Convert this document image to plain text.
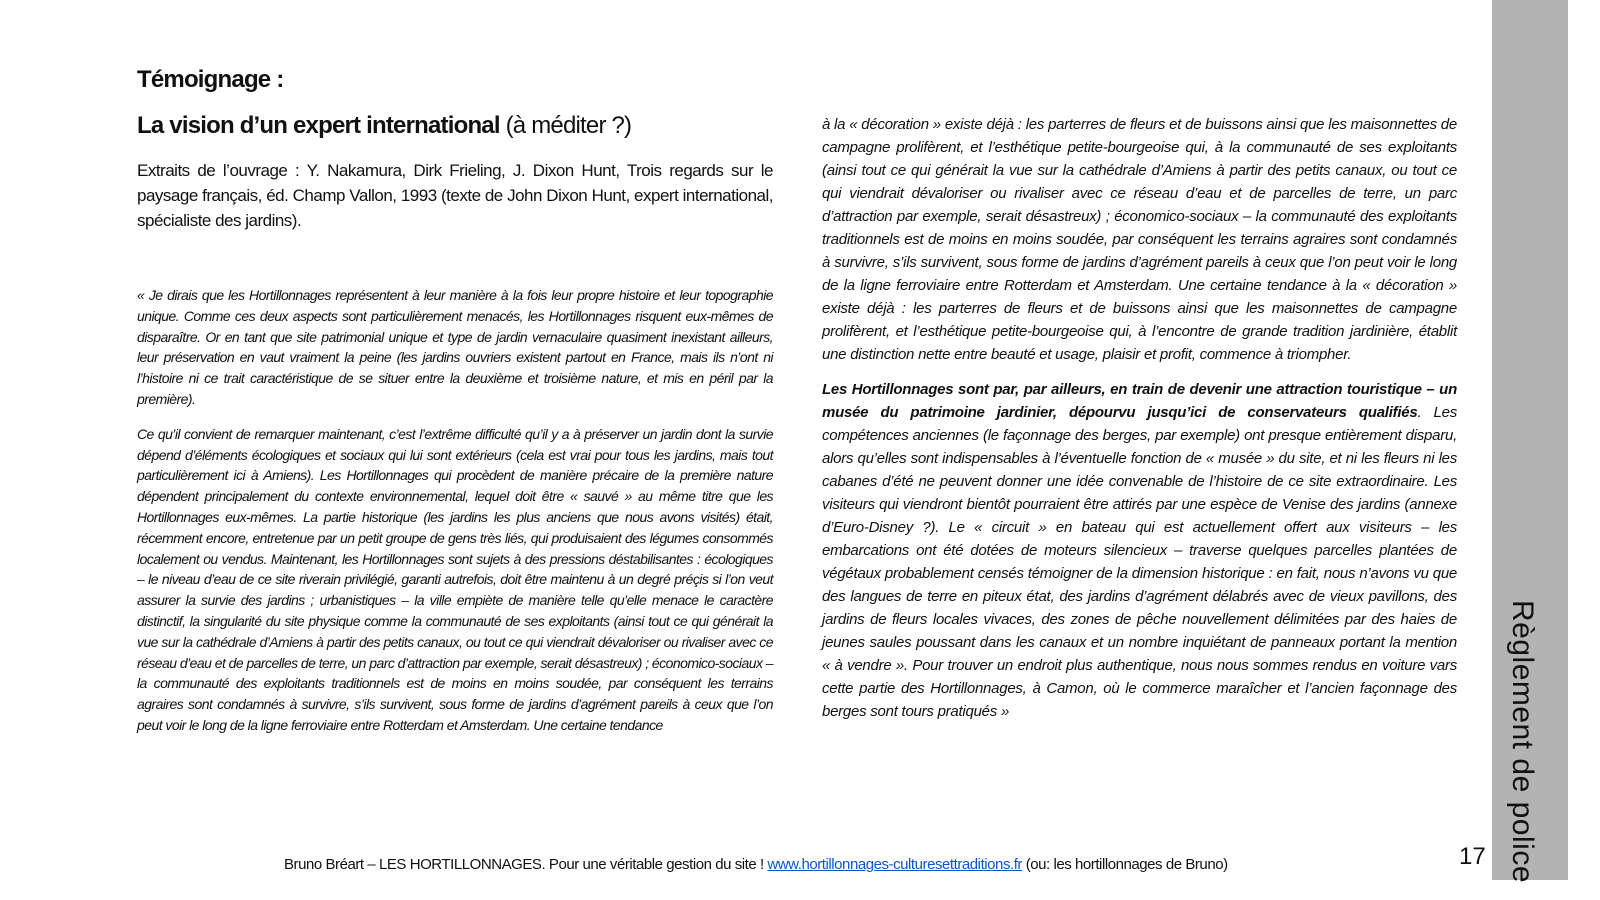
Règlement de police
17
Témoignage :
La vision d’un expert international (à méditer ?)
Extraits de l’ouvrage : Y. Nakamura, Dirk Frieling, J. Dixon Hunt, Trois regards sur le paysage français, éd. Champ Vallon, 1993 (texte de John Dixon Hunt, expert international, spécialiste des jardins).

« Je dirais que les Hortillonnages représentent à leur manière à la fois leur propre histoire et leur topographie unique. Comme ces deux aspects sont particulièrement menacés, les Hortillonnages risquent eux-mêmes de disparaître. Or en tant que site patrimonial unique et type de jardin vernaculaire quasiment inexistant ailleurs, leur préservation en vaut vraiment la peine (les jardins ouvriers existent partout en France, mais ils n’ont ni l’histoire ni ce trait caractéristique de se situer entre la deuxième et troisième nature, et mis en péril par la première).

Ce qu’il convient de remarquer maintenant, c’est l’extrême difficulté qu’il y a à préserver un jardin dont la survie dépend d’éléments écologiques et sociaux qui lui sont extérieurs (cela est vrai pour tous les jardins, mais tout particulièrement ici à Amiens). Les Hortillonnages qui procèdent de manière précaire de la première nature dépendent principalement du contexte environnemental, lequel doit être « sauvé » au même titre que les Hortillonnages eux-mêmes. La partie historique (les jardins les plus anciens que nous avons visités) était, récemment encore, entretenue par un petit groupe de gens très liés, qui produisaient des légumes consommés localement ou vendus. Maintenant, les Hortillonnages sont sujets à des pressions déstabilisantes : écologiques – le niveau d’eau de ce site riverain privilégié, garanti autrefois, doit être maintenu à un degré préçis si l’on veut assurer la survie des jardins ; urbanistiques – la ville empiète de manière telle qu’elle menace le caractère distinctif, la singularité du site physique comme la communauté de ses exploitants (ainsi tout ce qui générait la vue sur la cathédrale d’Amiens à partir des petits canaux, ou tout ce qui viendrait dévaloriser ou rivaliser avec ce réseau d’eau et de parcelles de terre, un parc d’attraction par exemple, serait désastreux) ; économico-sociaux – la communauté des exploitants traditionnels est de moins en moins soudée, par conséquent les terrains agraires sont condamnés à survivre, s’ils survivent, sous forme de jardins d’agrément pareils à ceux que l’on peut voir le long de la ligne ferroviaire entre Rotterdam et Amsterdam. Une certaine tendance

à la « décoration » existe déjà : les parterres de fleurs et de buissons ainsi que les maisonnettes de campagne prolifèrent, et l’esthétique petite-bourgeoise qui, à la communauté de ses exploitants (ainsi tout ce qui générait la vue sur la cathédrale d’Amiens à partir des petits canaux, ou tout ce qui viendrait dévaloriser ou rivaliser avec ce réseau d’eau et de parcelles de terre, un parc d’attraction par exemple, serait désastreux) ; économico-sociaux – la communauté des exploitants traditionnels est de moins en moins soudée, par conséquent les terrains agraires sont condamnés à survivre, s’ils survivent, sous forme de jardins d’agrément pareils à ceux que l’on peut voir le long de la ligne ferroviaire entre Rotterdam et Amsterdam. Une certaine tendance à la « décoration » existe déjà : les parterres de fleurs et de buissons ainsi que les maisonnettes de campagne prolifèrent, et l’esthétique petite-bourgeoise qui, à l’encontre de grande tradition jardinière, établit une distinction nette entre beauté et usage, plaisir et profit, commence à triompher.

Les Hortillonnages sont par, par ailleurs, en train de devenir une attraction touristique – un musée du patrimoine jardinier, dépourvu jusqu’ici de conservateurs qualifiés. Les compétences anciennes (le façonnage des berges, par exemple) ont presque entièrement disparu, alors qu’elles sont indispensables à l’éventuelle fonction de « musée » du site, et ni les fleurs ni les cabanes d’été ne peuvent donner une idée convenable de l’histoire de ce site extraordinaire. Les visiteurs qui viendront bientôt pourraient être attirés par une espèce de Venise des jardins (annexe d’Euro-Disney ?). Le « circuit » en bateau qui est actuellement offert aux visiteurs – les embarcations ont été dotées de moteurs silencieux – traverse quelques parcelles plantées de végétaux probablement censés témoigner de la dimension historique : en fait, nous n’avons vu que des langues de terre en piteux état, des jardins d’agrément délabrés avec de vieux pavillons, des jardins de fleurs locales vivaces, des zones de pêche nouvellement délimitées par des haies de jeunes saules poussant dans les canaux et un nombre inquiétant de panneaux portant la mention « à vendre ». Pour trouver un endroit plus authentique, nous nous sommes rendus en voiture vars cette partie des Hortillonnages, à Camon, où le commerce maraîcher et l’ancien façonnage des berges sont tours pratiqués »

Bruno Bréart – LES HORTILLONNAGES. Pour une véritable gestion du site ! www.hortillonnages-culturesettraditions.fr (ou: les hortillonnages de Bruno)
